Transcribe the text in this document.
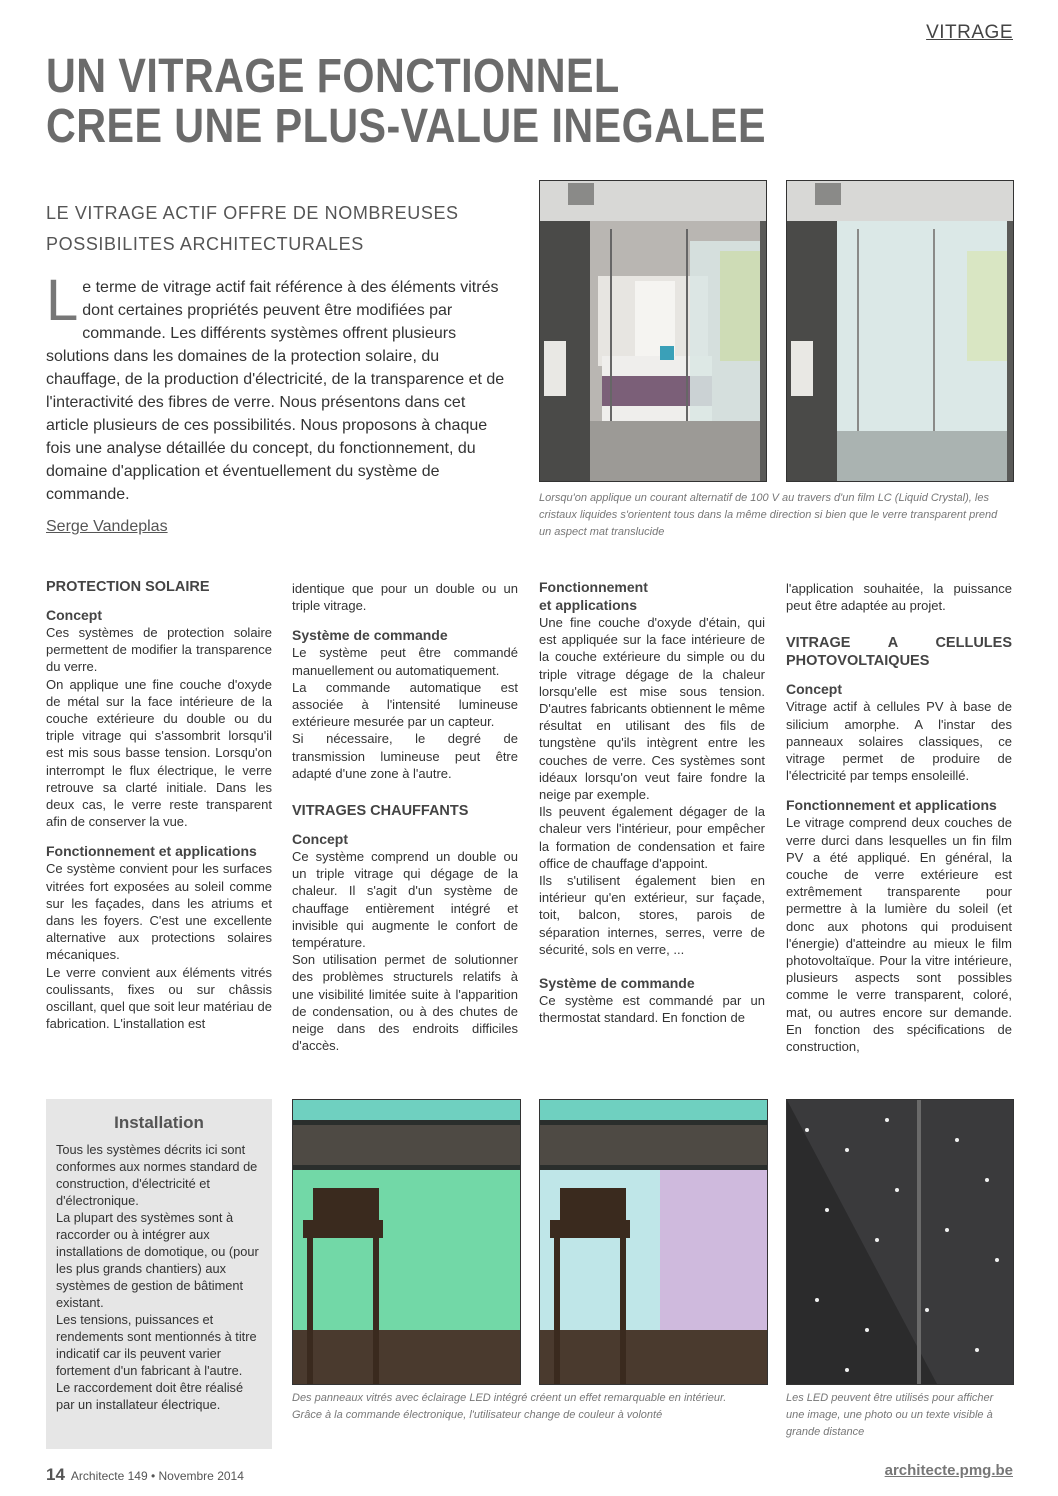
VITRAGE
UN VITRAGE FONCTIONNEL
CREE UNE PLUS-VALUE INEGALEE
LE VITRAGE ACTIF OFFRE DE NOMBREUSES
POSSIBILITES ARCHITECTURALES
Le terme de vitrage actif fait référence à des éléments vitrés dont certaines propriétés peuvent être modifiées par commande. Les différents systèmes offrent plusieurs solutions dans les domaines de la protection solaire, du chauffage, de la production d'électricité, de la transparence et de l'interactivité des fibres de verre. Nous présentons dans cet article plusieurs de ces possibilités. Nous proposons à chaque fois une analyse détaillée du concept, du fonctionnement, du domaine d'application et éventuellement du système de commande.
Serge Vandeplas
Lorsqu'on applique un courant alternatif de 100 V au travers d'un film LC (Liquid Crystal), les cristaux liquides s'orientent tous dans la même direction si bien que le verre transparent prend un aspect mat translucide
PROTECTION SOLAIRE
Concept

Ces systèmes de protection solaire permettent de modifier la transparence du verre.

On applique une fine couche d'oxyde de métal sur la face intérieure de la couche extérieure du double ou du triple vitrage qui s'assombrit lorsqu'il est mis sous basse tension. Lorsqu'on interrompt le flux électrique, le verre retrouve sa clarté initiale. Dans les deux cas, le verre reste transparent afin de conserver la vue.

Fonctionnement et applications

Ce système convient pour les surfaces vitrées fort exposées au soleil comme sur les façades, dans les atriums et dans les foyers. C'est une excellente alternative aux protections solaires mécaniques.

Le verre convient aux éléments vitrés coulissants, fixes ou sur châssis oscillant, quel que soit leur matériau de fabrication. L'installation est

identique que pour un double ou un triple vitrage.

Système de commande

Le système peut être commandé manuellement ou automatiquement.

La commande automatique est associée à l'intensité lumineuse extérieure mesurée par un capteur.

Si nécessaire, le degré de transmission lumineuse peut être adapté d'une zone à l'autre.

VITRAGES CHAUFFANTS
Concept

Ce système comprend un double ou un triple vitrage qui dégage de la chaleur. Il s'agit d'un système de chauffage entièrement intégré et invisible qui augmente le confort de température.

Son utilisation permet de solutionner des problèmes structurels relatifs à une visibilité limitée suite à l'apparition de condensation, ou à des chutes de neige dans des endroits difficiles d'accès.

Fonctionnement
et applications

Une fine couche d'oxyde d'étain, qui est appliquée sur la face intérieure de la couche extérieure du simple ou du triple vitrage dégage de la chaleur lorsqu'elle est mise sous tension. D'autres fabricants obtiennent le même résultat en utilisant des fils de tungstène qu'ils intègrent entre les couches de verre. Ces systèmes sont idéaux lorsqu'on veut faire fondre la neige par exemple.

Ils peuvent également dégager de la chaleur vers l'intérieur, pour empêcher la formation de condensation et faire office de chauffage d'appoint.

Ils s'utilisent également bien en intérieur qu'en extérieur, sur façade, toit, balcon, stores, parois de séparation internes, serres, verre de sécurité, sols en verre, ...

Système de commande

Ce système est commandé par un thermostat standard. En fonction de

l'application souhaitée, la puissance peut être adaptée au projet.

VITRAGE A CELLULES PHOTOVOLTAIQUES
Concept

Vitrage actif à cellules PV à base de silicium amorphe. A l'instar des panneaux solaires classiques, ce vitrage permet de produire de l'électricité par temps ensoleillé.

Fonctionnement et applications

Le vitrage comprend deux couches de verre durci dans lesquelles un fin film PV a été appliqué. En général, la couche de verre extérieure est extrêmement transparente pour permettre à la lumière du soleil (et donc aux photons qui produisent l'énergie) d'atteindre au mieux le film photovoltaïque. Pour la vitre intérieure, plusieurs aspects sont possibles comme le verre transparent, coloré, mat, ou autres encore sur demande. En fonction des spécifications de construction,

Installation

Tous les systèmes décrits ici sont conformes aux normes standard de construction, d'électricité et d'électronique.

La plupart des systèmes sont à raccorder ou à intégrer aux installations de domotique, ou (pour les plus grands chantiers) aux systèmes de gestion de bâtiment existant.

Les tensions, puissances et rendements sont mentionnés à titre indicatif car ils peuvent varier fortement d'un fabricant à l'autre.

Le raccordement doit être réalisé par un installateur électrique.	Des panneaux vitrés avec éclairage LED intégré créent un effet remarquable en intérieur. Grâce à la commande électronique, l'utilisateur change de couleur à volonté
Les LED peuvent être utilisés pour afficher une image, une photo ou un texte visible à grande distance
14 Architecte 149 • Novembre 2014	architecte.pmg.be
